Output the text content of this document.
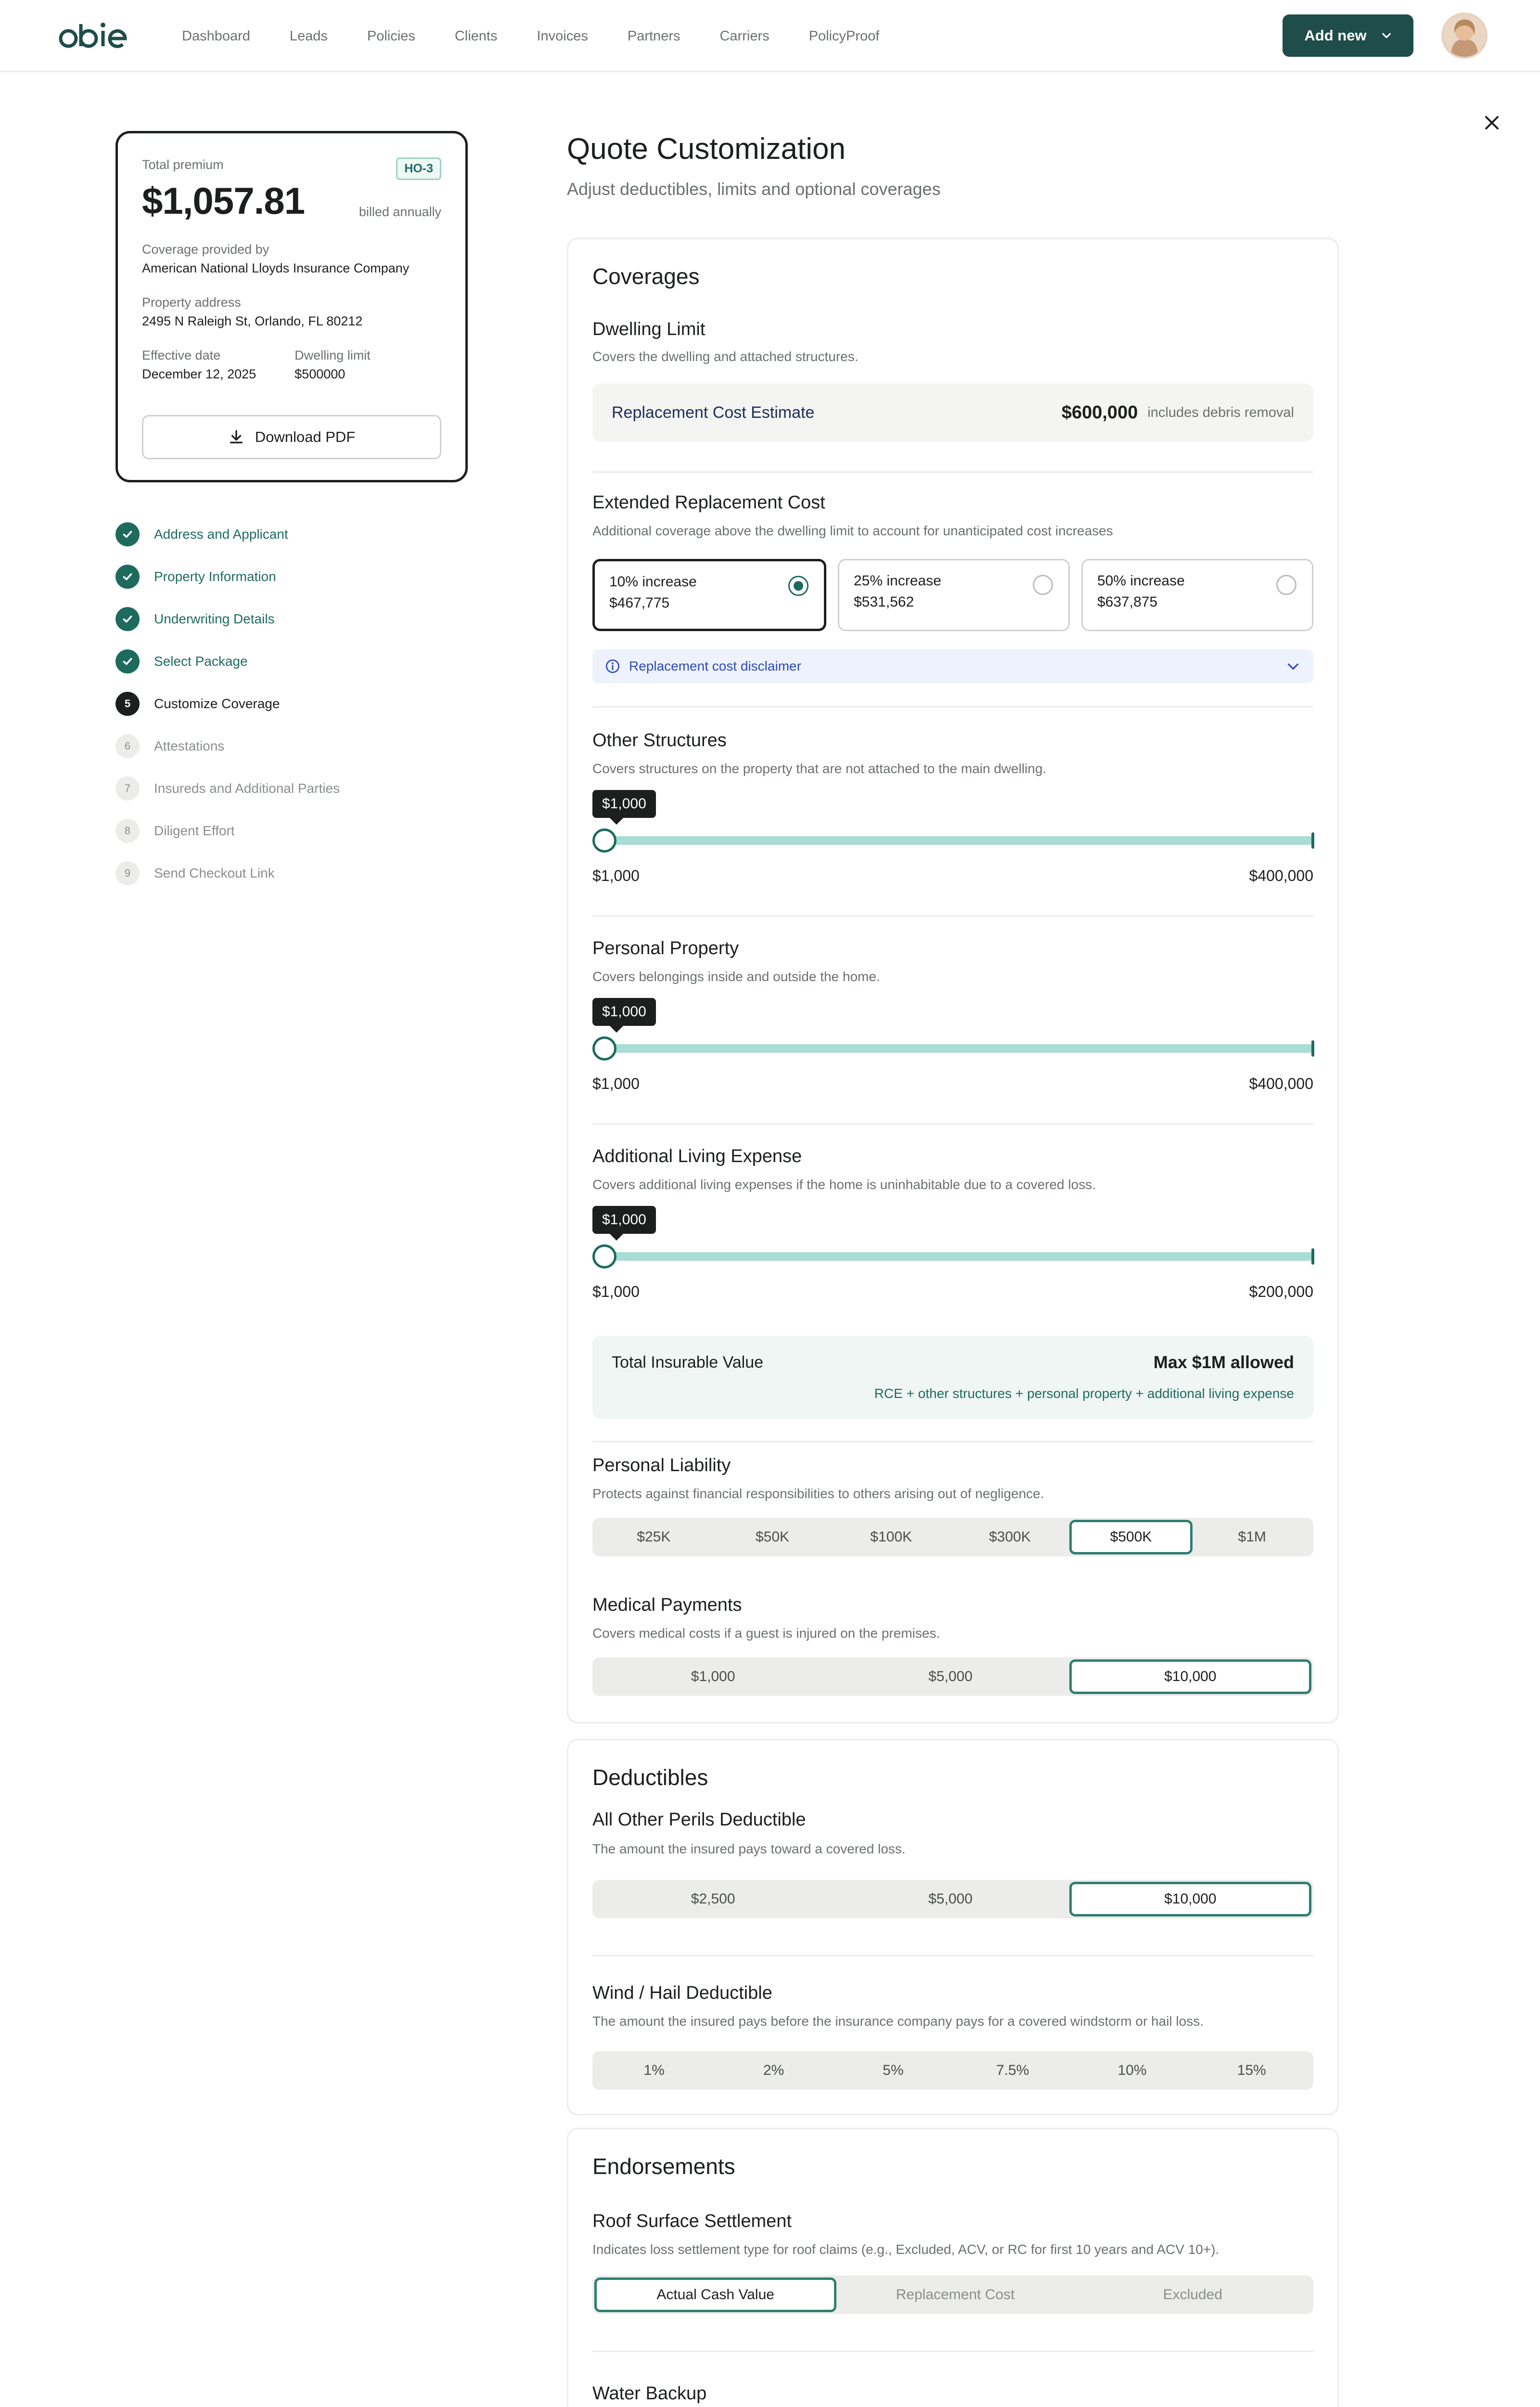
Dashboard	Leads	Policies	Clients	Invoices	Partners	Carriers	PolicyProof	Add new
Total premium	HO-3
$1,057.81	billed annually
Coverage provided by
American National Lloyds Insurance Company
Property address
2495 N Raleigh St, Orlando, FL 80212
Effective date
December 12, 2025
Dwelling limit
$500000
Download PDF
Address and Applicant
Property Information
Underwriting Details
Select Package
5	Customize Coverage
6	Attestations
7	Insureds and Additional Parties
8	Diligent Effort
9	Send Checkout Link
Quote Customization
Adjust deductibles, limits and optional coverages
Coverages
Dwelling Limit
Covers the dwelling and attached structures.
Replacement Cost Estimate	$600,000 includes debris removal
Extended Replacement Cost
Additional coverage above the dwelling limit to account for unanticipated cost increases
10% increase
$467,775
25% increase
$531,562
50% increase
$637,875
Replacement cost disclaimer
Other Structures
Covers structures on the property that are not attached to the main dwelling.
$1,000
$1,000	$400,000
Personal Property
Covers belongings inside and outside the home.
$1,000
$1,000	$400,000
Additional Living Expense
Covers additional living expenses if the home is uninhabitable due to a covered loss.
$1,000
$1,000	$200,000
Total Insurable Value	Max $1M allowed
RCE + other structures + personal property + additional living expense
Personal Liability
Protects against financial responsibilities to others arising out of negligence.
$25K	$50K	$100K	$300K	$500K	$1M
Medical Payments
Covers medical costs if a guest is injured on the premises.
$1,000	$5,000	$10,000
Deductibles
All Other Perils Deductible
The amount the insured pays toward a covered loss.
$2,500	$5,000	$10,000
Wind / Hail Deductible
The amount the insured pays before the insurance company pays for a covered windstorm or hail loss.
1%	2%	5%	7.5%	10%	15%
Endorsements
Roof Surface Settlement
Indicates loss settlement type for roof claims (e.g., Excluded, ACV, or RC for first 10 years and ACV 10+).
Actual Cash Value	Replacement Cost	Excluded
Water Backup
